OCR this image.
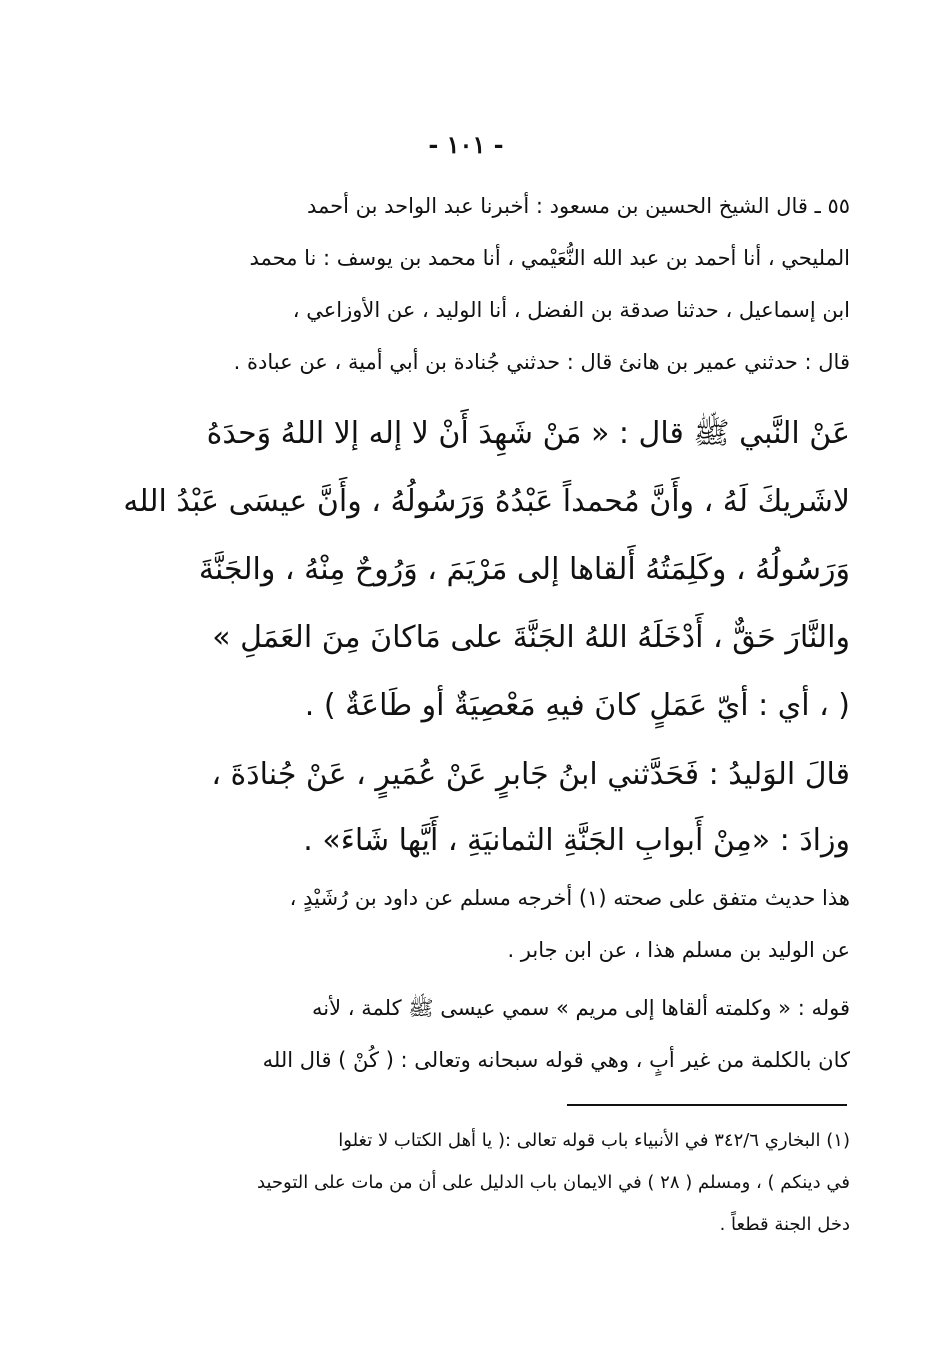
- ١٠١ -
٥٥ ـ قال الشيخ الحسين بن مسعود : أخبرنا عبد الواحد بن أحمد
المليحي ، أنا أحمد بن عبد الله النُّعَيْمي ، أنا محمد بن يوسف : نا محمد
ابن إسماعيل ، حدثنا صدقة بن الفضل ، أنا الوليد ، عن الأوزاعي ،
قال : حدثني عمير بن هانئ قال : حدثني جُنادة بن أبي أمية ، عن عبادة .
عَنْ النَّبي ﷺ قال : « مَنْ شَهِدَ أَنْ لا إله إلا اللهُ وَحدَهُ
لاشَريكَ لَهُ ، وأَنَّ مُحمداً عَبْدُهُ وَرَسُولُهُ ، وأَنَّ عيسَى عَبْدُ الله
وَرَسُولُهُ ، وكَلِمَتُهُ أَلقاها إلى مَرْيَمَ ، وَرُوحٌ مِنْهُ ، والجَنَّةَ
والنَّارَ حَقٌّ ، أَدْخَلَهُ اللهُ الجَنَّةَ على مَاكانَ مِنَ العَمَلِ »
( ، أي : أيّ عَمَلٍ كانَ فيهِ مَعْصِيَةٌ أو طَاعَةٌ ) .
قالَ الوَليدُ : فَحَدَّثني ابنُ جَابرٍ عَنْ عُمَيرٍ ، عَنْ جُنادَةَ ،
وزادَ : «مِنْ أَبوابِ الجَنَّةِ الثمانيَةِ ، أَيَّها شَاءَ» .
هذا حديث متفق على صحته (١) أخرجه مسلم عن داود بن رُشَيْدٍ ،
عن الوليد بن مسلم هذا ، عن ابن جابر .
قوله : « وكلمته ألقاها إلى مريم » سمي عيسى ﷺ كلمة ، لأنه
كان بالكلمة من غير أبٍ ، وهي قوله سبحانه وتعالى : ( كُنْ ) قال الله
(١) البخاري ٣٤٢/٦ في الأنبياء باب قوله تعالى :( يا أهل الكتاب لا تغلوا
في دينكم ) ، ومسلم ( ٢٨ ) في الايمان باب الدليل على أن من مات على التوحيد
دخل الجنة قطعاً .
